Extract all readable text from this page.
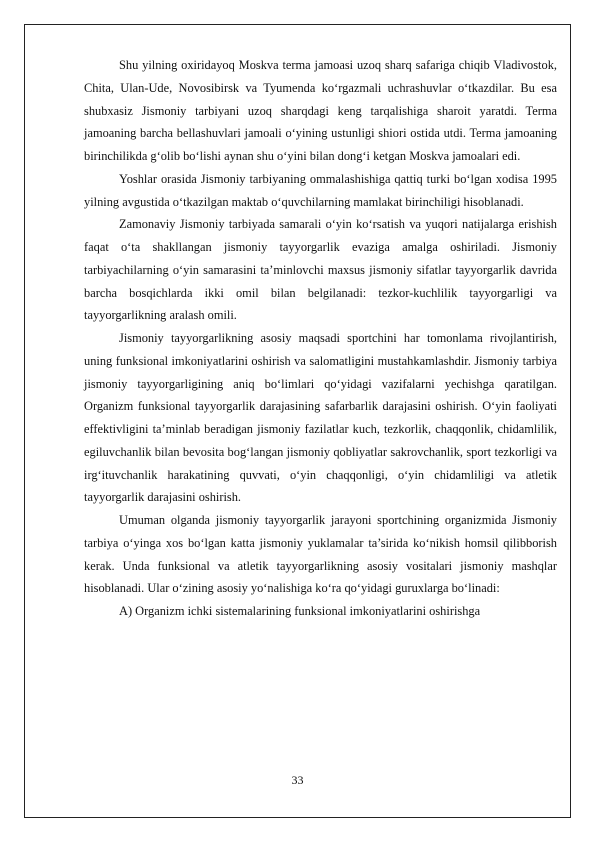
Shu yilning oxiridayoq Moskva terma jamoasi uzoq sharq safariga chiqib Vladivostok, Chita, Ulan-Ude, Novosibirsk va Tyumenda ko‘rgazmali uchrashuvlar o‘tkazdilar. Bu esa shubxasiz Jismoniy tarbiyani uzoq sharqdagi keng tarqalishiga sharoit yaratdi. Terma jamoaning barcha bellashuvlari jamoali o‘yining ustunligi shiori ostida utdi. Terma jamoaning birinchilikda g‘olib bo‘lishi aynan shu o‘yini bilan dong‘i ketgan Moskva jamoalari edi.

Yoshlar orasida Jismoniy tarbiyaning ommalashishiga qattiq turki bo‘lgan xodisa 1995 yilning avgustida o‘tkazilgan maktab o‘quvchilarning mamlakat birinchiligi hisoblanadi.

Zamonaviy Jismoniy tarbiyada samarali o‘yin ko‘rsatish va yuqori natijalarga erishish faqat o‘ta shakllangan jismoniy tayyorgarlik evaziga amalga oshiriladi. Jismoniy tarbiyachilarning o‘yin samarasini ta’minlovchi maxsus jismoniy sifatlar tayyorgarlik davrida barcha bosqichlarda ikki omil bilan belgilanadi: tezkor-kuchlilik tayyorgarligi va tayyorgarlikning aralash omili.

Jismoniy tayyorgarlikning asosiy maqsadi sportchini har tomonlama rivojlantirish, uning funksional imkoniyatlarini oshirish va salomatligini mustahkamlashdir. Jismoniy tarbiya jismoniy tayyorgarligining aniq bo‘limlari qo‘yidagi vazifalarni yechishga qaratilgan. Organizm funksional tayyorgarlik darajasining safarbarlik darajasini oshirish. O‘yin faoliyati effektivligini ta’minlab beradigan jismoniy fazilatlar kuch, tezkorlik, chaqqonlik, chidamlilik, egiluvchanlik bilan bevosita bog‘langan jismoniy qobliyatlar sakrovchanlik, sport tezkorligi va irg‘ituvchanlik harakatining quvvati, o‘yin chaqqonligi, o‘yin chidamliligi va atletik tayyorgarlik darajasini oshirish.

Umuman olganda jismoniy tayyorgarlik jarayoni sportchining organizmida Jismoniy tarbiya o‘yinga xos bo‘lgan katta jismoniy yuklamalar ta’sirida ko‘nikish homsil qilibborish kerak. Unda funksional va atletik tayyorgarlikning asosiy vositalari jismoniy mashqlar hisoblanadi. Ular o‘zining asosiy yo‘nalishiga ko‘ra qo‘yidagi guruxlarga bo‘linadi:

A) Organizm ichki sistemalarining funksional imkoniyatlarini oshirishga

33
